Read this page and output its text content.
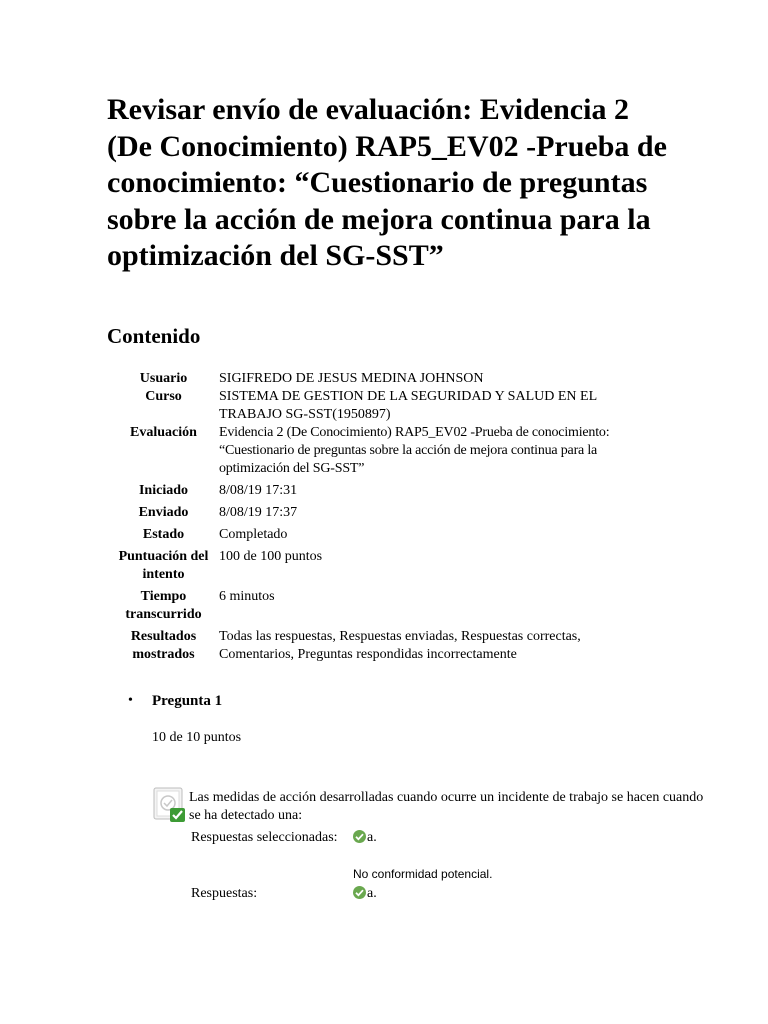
Revisar envío de evaluación: Evidencia 2 (De Conocimiento) RAP5_EV02 -Prueba de conocimiento: “Cuestionario de preguntas sobre la acción de mejora continua para la optimización del SG-SST”
Contenido
Usuario	SIGIFREDO DE JESUS MEDINA JOHNSON
Curso	SISTEMA DE GESTION DE LA SEGURIDAD Y SALUD EN EL TRABAJO SG-SST(1950897)
Evaluación	Evidencia 2 (De Conocimiento) RAP5_EV02 -Prueba de conocimiento: “Cuestionario de preguntas sobre la acción de mejora continua para la optimización del SG-SST”
Iniciado	8/08/19 17:31
Enviado	8/08/19 17:37
Estado	Completado
Puntuación del intento	100 de 100 puntos
Tiempo transcurrido	6 minutos
Resultados mostrados	Todas las respuestas, Respuestas enviadas, Respuestas correctas, Comentarios, Preguntas respondidas incorrectamente
• Pregunta 1
10 de 10 puntos
Las medidas de acción desarrolladas cuando ocurre un incidente de trabajo se hacen cuando se ha detectado una:
Respuestas seleccionadas:	a.
No conformidad potencial.
Respuestas:	a.
